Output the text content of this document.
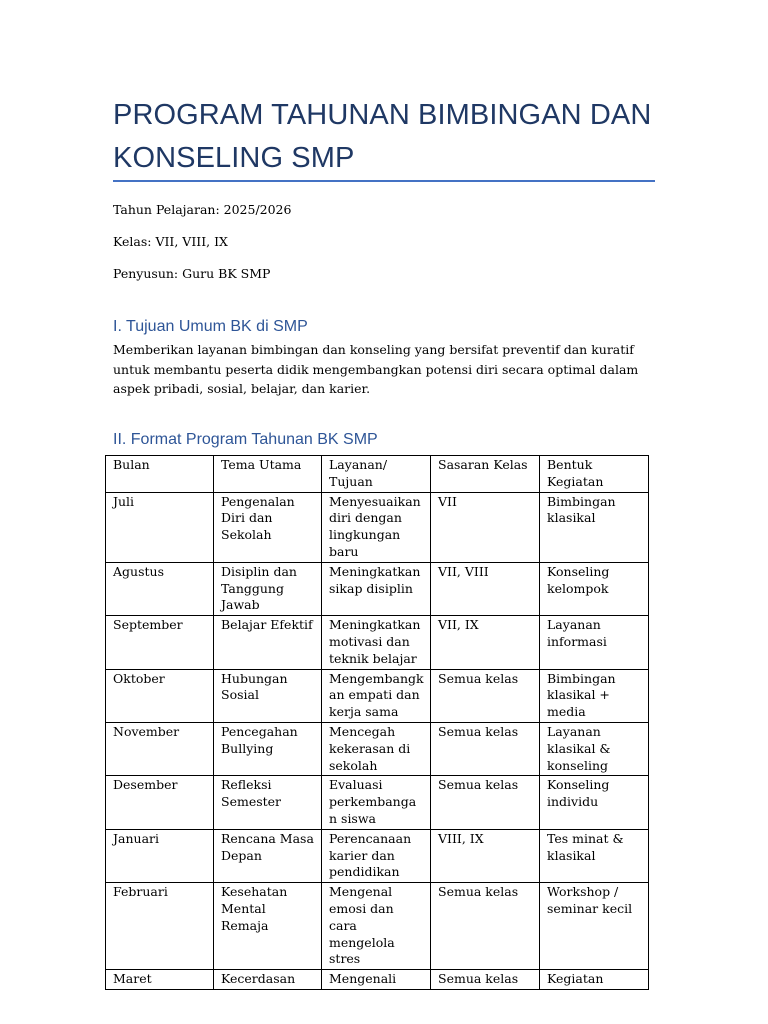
PROGRAM TAHUNAN BIMBINGAN DAN KONSELING SMP
Tahun Pelajaran: 2025/2026
Kelas: VII, VIII, IX
Penyusun: Guru BK SMP
I. Tujuan Umum BK di SMP
Memberikan layanan bimbingan dan konseling yang bersifat preventif dan kuratif untuk membantu peserta didik mengembangkan potensi diri secara optimal dalam aspek pribadi, sosial, belajar, dan karier.
II. Format Program Tahunan BK SMP
Bulan	Tema Utama	Layanan/ Tujuan	Sasaran Kelas	Bentuk Kegiatan
Juli	Pengenalan Diri dan Sekolah	Menyesuaikan diri dengan lingkungan baru	VII	Bimbingan klasikal
Agustus	Disiplin dan Tanggung Jawab	Meningkatkan sikap disiplin	VII, VIII	Konseling kelompok
September	Belajar Efektif	Meningkatkan motivasi dan teknik belajar	VII, IX	Layanan informasi
Oktober	Hubungan Sosial	Mengembangkan empati dan kerja sama	Semua kelas	Bimbingan klasikal + media
November	Pencegahan Bullying	Mencegah kekerasan di sekolah	Semua kelas	Layanan klasikal & konseling
Desember	Refleksi Semester	Evaluasi perkembangan siswa	Semua kelas	Konseling individu
Januari	Rencana Masa Depan	Perencanaan karier dan pendidikan	VIII, IX	Tes minat & klasikal
Februari	Kesehatan Mental Remaja	Mengenal emosi dan cara mengelola stres	Semua kelas	Workshop / seminar kecil
Maret	Kecerdasan	Mengenali	Semua kelas	Kegiatan
